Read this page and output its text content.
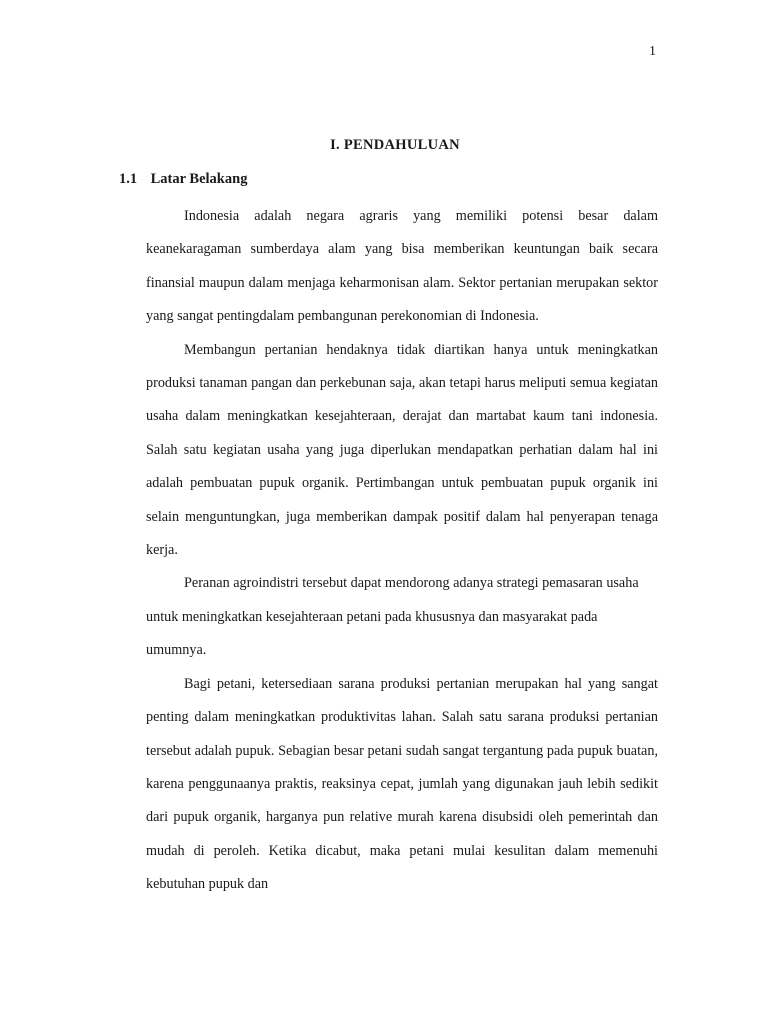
1
I. PENDAHULUAN
1.1 Latar Belakang

Indonesia adalah negara agraris yang memiliki potensi besar dalam keanekaragaman sumberdaya alam yang bisa memberikan keuntungan baik secara finansial maupun dalam menjaga keharmonisan alam. Sektor pertanian merupakan sektor yang sangat pentingdalam pembangunan perekonomian di Indonesia.

Membangun pertanian hendaknya tidak diartikan hanya untuk meningkatkan produksi tanaman pangan dan perkebunan saja, akan tetapi harus meliputi semua kegiatan usaha dalam meningkatkan kesejahteraan, derajat dan martabat kaum tani indonesia. Salah satu kegiatan usaha yang juga diperlukan mendapatkan perhatian dalam hal ini adalah pembuatan pupuk organik. Pertimbangan untuk pembuatan pupuk organik ini selain menguntungkan, juga memberikan dampak positif dalam hal penyerapan tenaga kerja.

Peranan agroindistri tersebut dapat mendorong adanya strategi pemasaran usaha untuk meningkatkan kesejahteraan petani pada khususnya dan masyarakat pada umumnya.

Bagi petani, ketersediaan sarana produksi pertanian merupakan hal yang sangat penting dalam meningkatkan produktivitas lahan. Salah satu sarana produksi pertanian tersebut adalah pupuk. Sebagian besar petani sudah sangat tergantung pada pupuk buatan, karena penggunaanya praktis, reaksinya cepat, jumlah yang digunakan jauh lebih sedikit dari pupuk organik, harganya pun relative murah karena disubsidi oleh pemerintah dan mudah di peroleh. Ketika dicabut, maka petani mulai kesulitan dalam memenuhi kebutuhan pupuk dan
